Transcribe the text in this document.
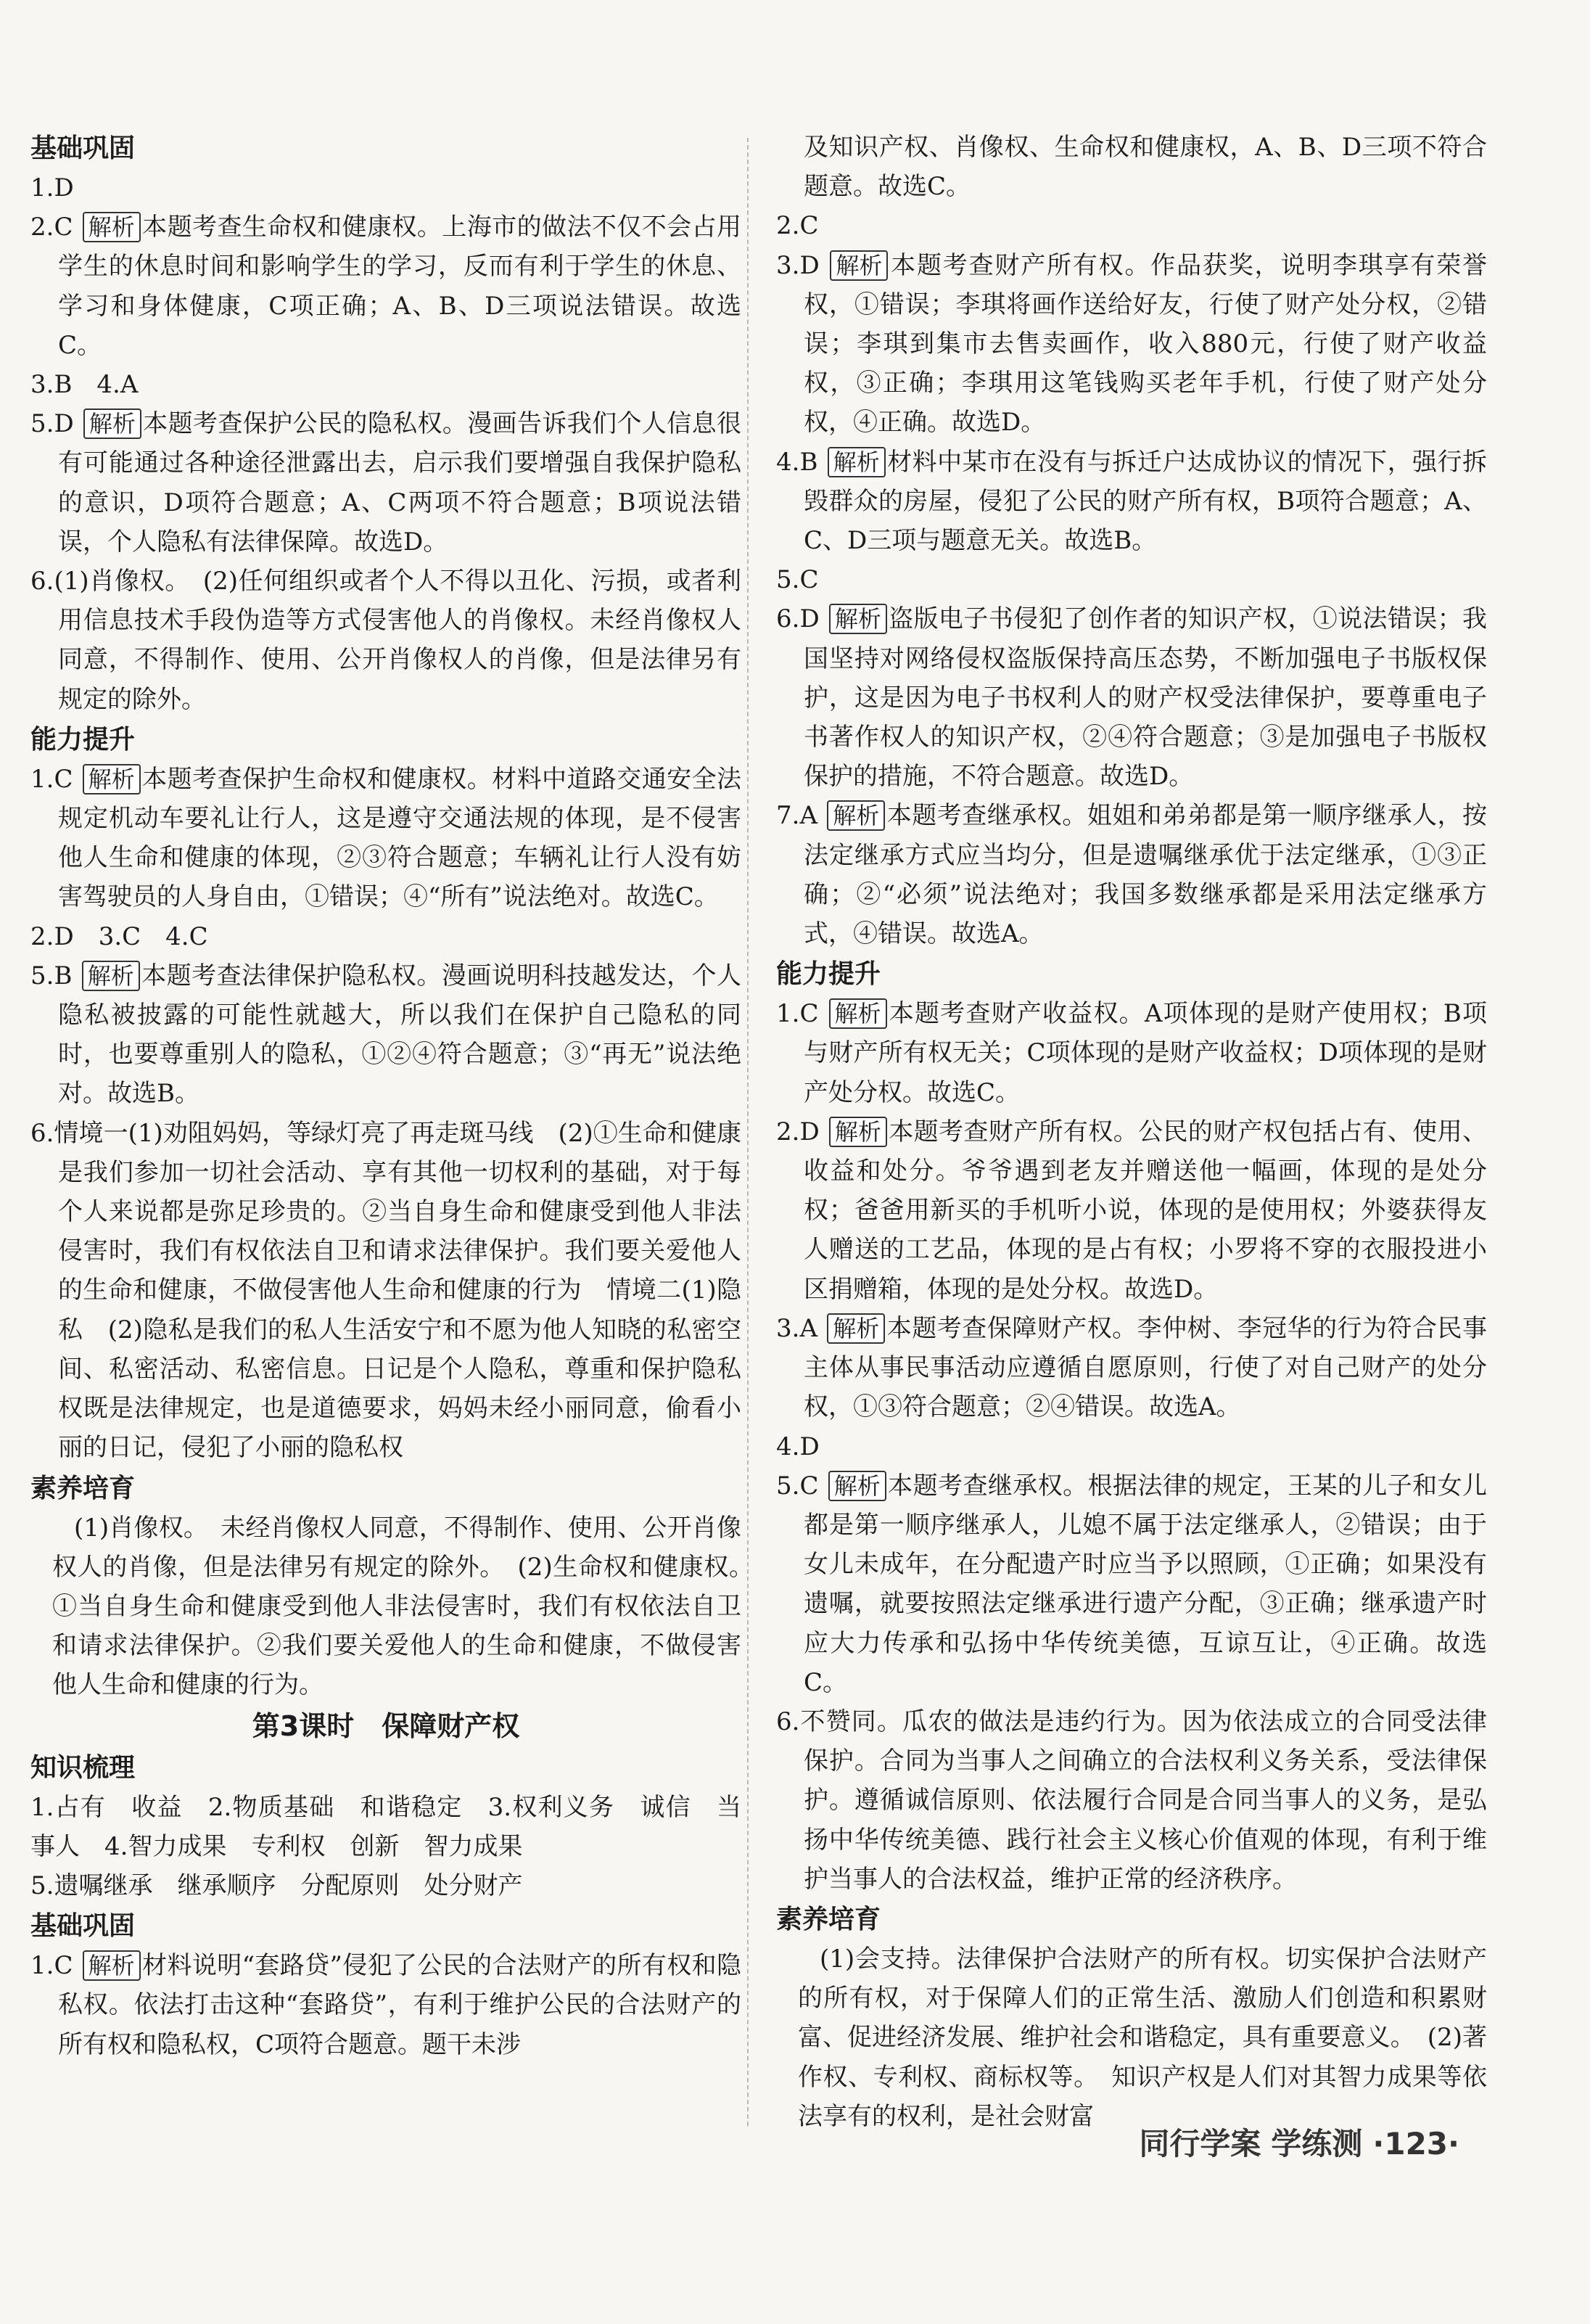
基础巩固
1.D
2.C 解析 本题考查生命权和健康权。上海市的做法不仅不会占用学生的休息时间和影响学生的学习，反而有利于学生的休息、学习和身体健康，C项正确；A、B、D三项说法错误。故选C。
3.B　4.A
5.D 解析 本题考查保护公民的隐私权。漫画告诉我们个人信息很有可能通过各种途径泄露出去，启示我们要增强自我保护隐私的意识，D项符合题意；A、C两项不符合题意；B项说法错误，个人隐私有法律保障。故选D。
6.(1)肖像权。　(2)任何组织或者个人不得以丑化、污损，或者利用信息技术手段伪造等方式侵害他人的肖像权。未经肖像权人同意，不得制作、使用、公开肖像权人的肖像，但是法律另有规定的除外。
能力提升
1.C 解析 本题考查保护生命权和健康权。材料中道路交通安全法规定机动车要礼让行人，这是遵守交通法规的体现，是不侵害他人生命和健康的体现，②③符合题意；车辆礼让行人没有妨害驾驶员的人身自由，①错误；④“所有”说法绝对。故选C。
2.D　3.C　4.C
5.B 解析 本题考查法律保护隐私权。漫画说明科技越发达，个人隐私被披露的可能性就越大，所以我们在保护自己隐私的同时，也要尊重别人的隐私，①②④符合题意；③“再无”说法绝对。故选B。
6.情境一(1)劝阻妈妈，等绿灯亮了再走斑马线　(2)①生命和健康是我们参加一切社会活动、享有其他一切权利的基础，对于每个人来说都是弥足珍贵的。②当自身生命和健康受到他人非法侵害时，我们有权依法自卫和请求法律保护。我们要关爱他人的生命和健康，不做侵害他人生命和健康的行为　情境二(1)隐私　(2)隐私是我们的私人生活安宁和不愿为他人知晓的私密空间、私密活动、私密信息。日记是个人隐私，尊重和保护隐私权既是法律规定，也是道德要求，妈妈未经小丽同意，偷看小丽的日记，侵犯了小丽的隐私权
素养培育
(1)肖像权。　未经肖像权人同意，不得制作、使用、公开肖像权人的肖像，但是法律另有规定的除外。　(2)生命权和健康权。　①当自身生命和健康受到他人非法侵害时，我们有权依法自卫和请求法律保护。②我们要关爱他人的生命和健康，不做侵害他人生命和健康的行为。
第3课时　保障财产权
知识梳理
1.占有　收益　2.物质基础　和谐稳定　3.权利义务　诚信　当事人　4.智力成果　专利权　创新　智力成果
5.遗嘱继承　继承顺序　分配原则　处分财产
基础巩固
1.C 解析 材料说明“套路贷”侵犯了公民的合法财产的所有权和隐私权。依法打击这种“套路贷”，有利于维护公民的合法财产的所有权和隐私权，C项符合题意。题干未涉
及知识产权、肖像权、生命权和健康权，A、B、D三项不符合题意。故选C。
2.C
3.D 解析 本题考查财产所有权。作品获奖，说明李琪享有荣誉权，①错误；李琪将画作送给好友，行使了财产处分权，②错误；李琪到集市去售卖画作，收入880元，行使了财产收益权，③正确；李琪用这笔钱购买老年手机，行使了财产处分权，④正确。故选D。
4.B 解析 材料中某市在没有与拆迁户达成协议的情况下，强行拆毁群众的房屋，侵犯了公民的财产所有权，B项符合题意；A、C、D三项与题意无关。故选B。
5.C
6.D 解析 盗版电子书侵犯了创作者的知识产权，①说法错误；我国坚持对网络侵权盗版保持高压态势，不断加强电子书版权保护，这是因为电子书权利人的财产权受法律保护，要尊重电子书著作权人的知识产权，②④符合题意；③是加强电子书版权保护的措施，不符合题意。故选D。
7.A 解析 本题考查继承权。姐姐和弟弟都是第一顺序继承人，按法定继承方式应当均分，但是遗嘱继承优于法定继承，①③正确；②“必须”说法绝对；我国多数继承都是采用法定继承方式，④错误。故选A。
能力提升
1.C 解析 本题考查财产收益权。A项体现的是财产使用权；B项与财产所有权无关；C项体现的是财产收益权；D项体现的是财产处分权。故选C。
2.D 解析 本题考查财产所有权。公民的财产权包括占有、使用、收益和处分。爷爷遇到老友并赠送他一幅画，体现的是处分权；爸爸用新买的手机听小说，体现的是使用权；外婆获得友人赠送的工艺品，体现的是占有权；小罗将不穿的衣服投进小区捐赠箱，体现的是处分权。故选D。
3.A 解析 本题考查保障财产权。李仲树、李冠华的行为符合民事主体从事民事活动应遵循自愿原则，行使了对自己财产的处分权，①③符合题意；②④错误。故选A。
4.D
5.C 解析 本题考查继承权。根据法律的规定，王某的儿子和女儿都是第一顺序继承人，儿媳不属于法定继承人，②错误；由于女儿未成年，在分配遗产时应当予以照顾，①正确；如果没有遗嘱，就要按照法定继承进行遗产分配，③正确；继承遗产时应大力传承和弘扬中华传统美德，互谅互让，④正确。故选C。
6.不赞同。瓜农的做法是违约行为。因为依法成立的合同受法律保护。合同为当事人之间确立的合法权利义务关系，受法律保护。遵循诚信原则、依法履行合同是合同当事人的义务，是弘扬中华传统美德、践行社会主义核心价值观的体现，有利于维护当事人的合法权益，维护正常的经济秩序。
素养培育
(1)会支持。法律保护合法财产的所有权。切实保护合法财产的所有权，对于保障人们的正常生活、激励人们创造和积累财富、促进经济发展、维护社会和谐稳定，具有重要意义。　(2)著作权、专利权、商标权等。　知识产权是人们对其智力成果等依法享有的权利，是社会财富
同行学案 学练测 ·123·
